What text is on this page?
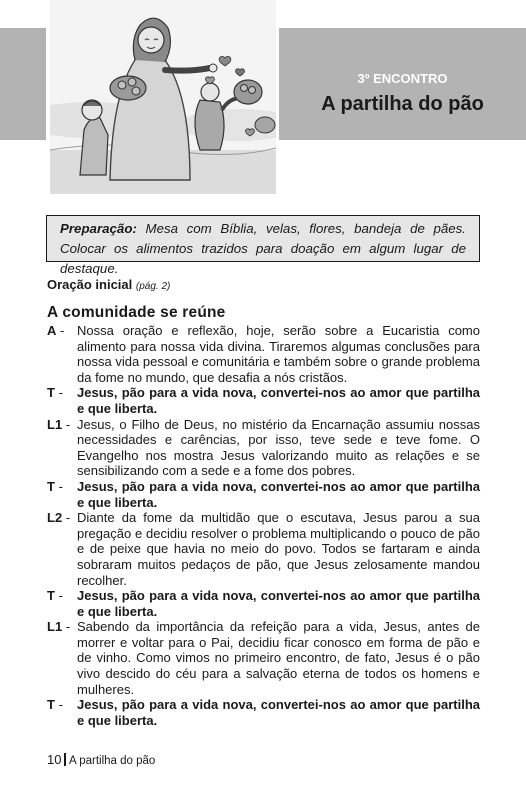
3º ENCONTRO
A partilha do pão
Preparação: Mesa com Bíblia, velas, flores, bandeja de pães. Colocar os alimentos trazidos para doação em algum lugar de destaque.
Oração inicial (pág. 2)
A comunidade se reúne
A - Nossa oração e reflexão, hoje, serão sobre a Eucaristia como alimento para nossa vida divina. Tiraremos algumas conclusões para nossa vida pessoal e comunitária e também sobre o grande problema da fome no mundo, que desafia a nós cristãos.
T -	Jesus, pão para a vida nova, convertei-nos ao amor que partilha e que liberta.
L1 - Jesus, o Filho de Deus, no mistério da Encarnação assumiu nossas necessidades e carências, por isso, teve sede e teve fome. O Evangelho nos mostra Jesus valorizando muito as relações e se sensibilizando com a sede e a fome dos pobres.
T -	Jesus, pão para a vida nova, convertei-nos ao amor que partilha e que liberta.
L2 - Diante da fome da multidão que o escutava, Jesus parou a sua pregação e decidiu resolver o problema multiplicando o pouco de pão e de peixe que havia no meio do povo. Todos se fartaram e ainda sobraram muitos pedaços de pão, que Jesus zelosamente mandou recolher.
T -	Jesus, pão para a vida nova, convertei-nos ao amor que partilha e que liberta.
L1 - Sabendo da importância da refeição para a vida, Jesus, antes de morrer e voltar para o Pai, decidiu ficar conosco em forma de pão e de vinho. Como vimos no primeiro encontro, de fato, Jesus é o pão vivo descido do céu para a salvação eterna de todos os homens e mulheres.
T -	Jesus, pão para a vida nova, convertei-nos ao amor que partilha e que liberta.
10 A partilha do pão
